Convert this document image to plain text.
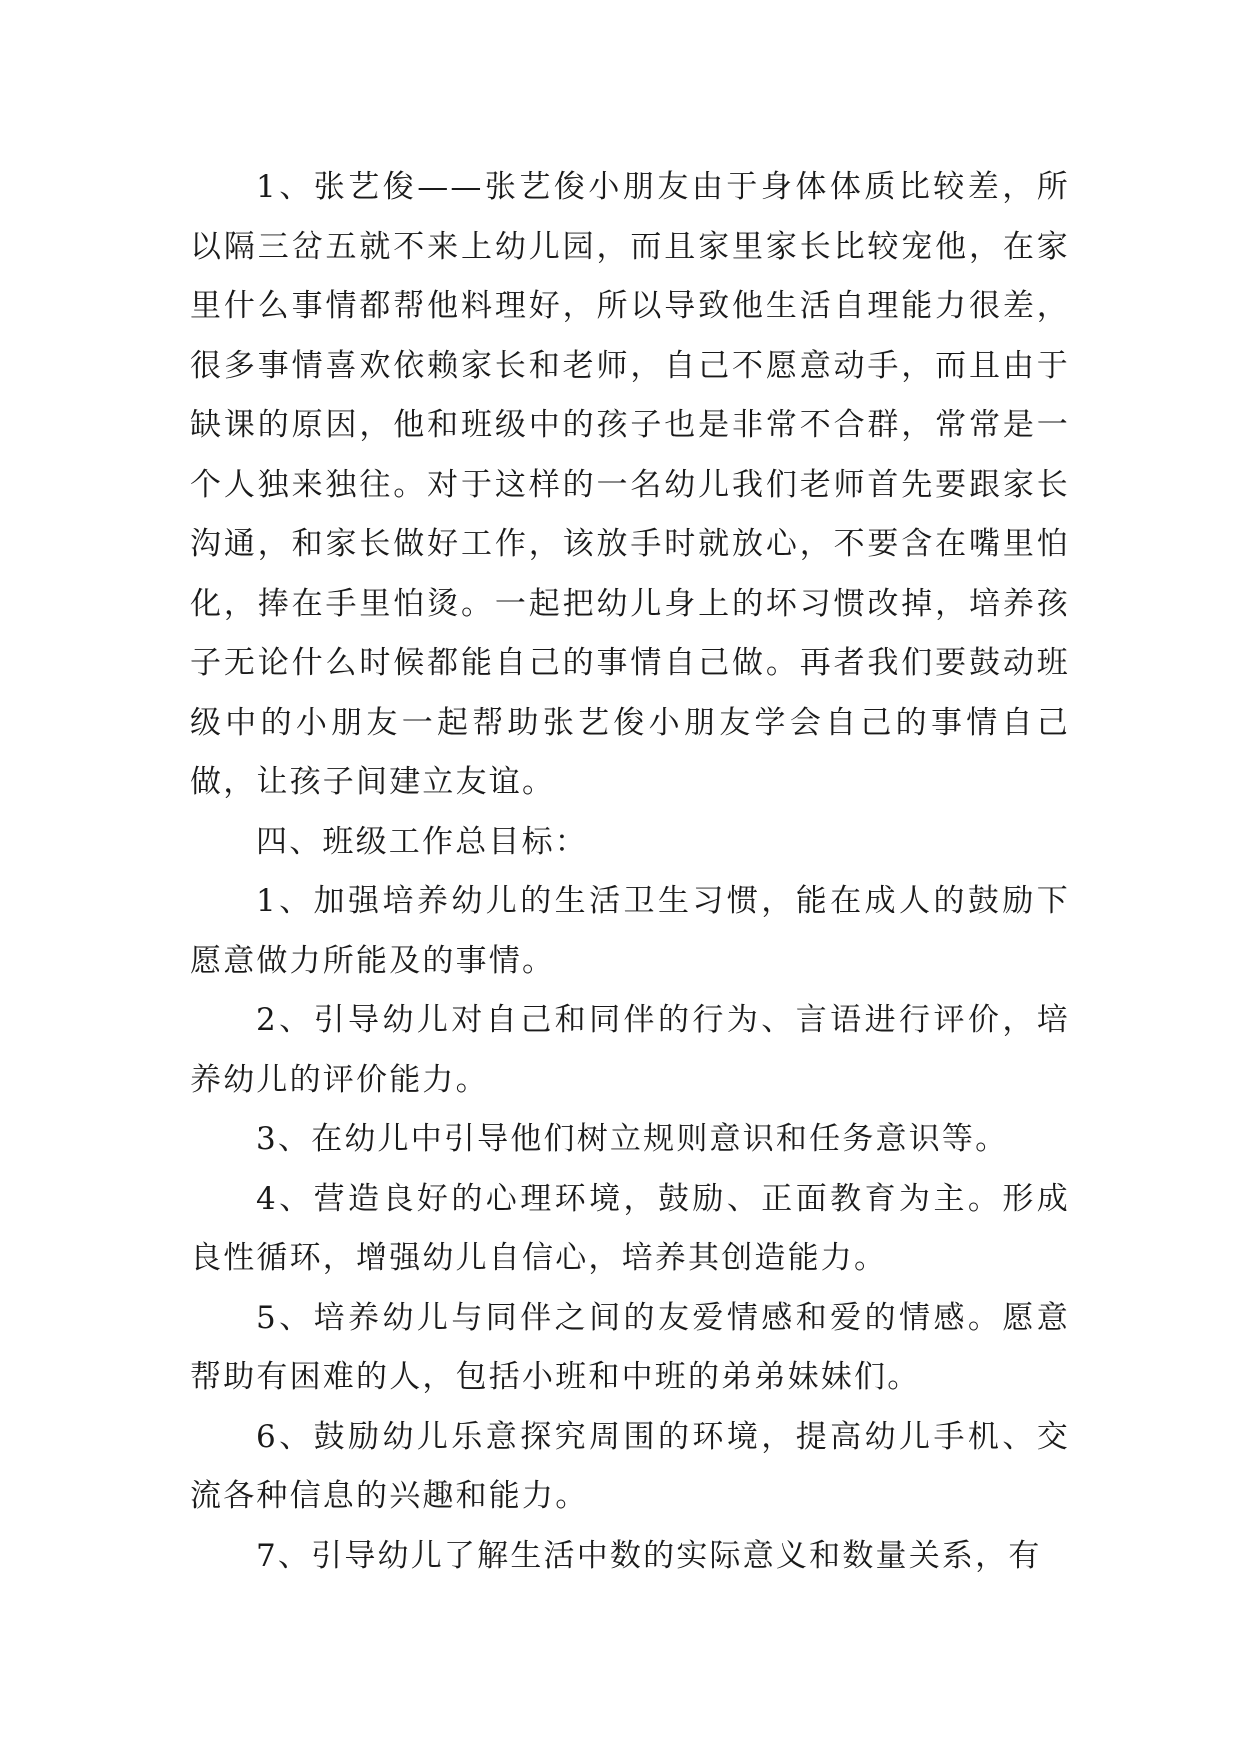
1、张艺俊——张艺俊小朋友由于身体体质比较差，所以隔三岔五就不来上幼儿园，而且家里家长比较宠他，在家里什么事情都帮他料理好，所以导致他生活自理能力很差，很多事情喜欢依赖家长和老师，自己不愿意动手，而且由于缺课的原因，他和班级中的孩子也是非常不合群，常常是一个人独来独往。对于这样的一名幼儿我们老师首先要跟家长沟通，和家长做好工作，该放手时就放心，不要含在嘴里怕化，捧在手里怕烫。一起把幼儿身上的坏习惯改掉，培养孩子无论什么时候都能自己的事情自己做。再者我们要鼓动班级中的小朋友一起帮助张艺俊小朋友学会自己的事情自己做，让孩子间建立友谊。

四、班级工作总目标：

1、加强培养幼儿的生活卫生习惯，能在成人的鼓励下愿意做力所能及的事情。

2、引导幼儿对自己和同伴的行为、言语进行评价，培养幼儿的评价能力。

3、在幼儿中引导他们树立规则意识和任务意识等。

4、营造良好的心理环境，鼓励、正面教育为主。形成良性循环，增强幼儿自信心，培养其创造能力。

5、培养幼儿与同伴之间的友爱情感和爱的情感。愿意帮助有困难的人，包括小班和中班的弟弟妹妹们。

6、鼓励幼儿乐意探究周围的环境，提高幼儿手机、交流各种信息的兴趣和能力。

7、引导幼儿了解生活中数的实际意义和数量关系，有
